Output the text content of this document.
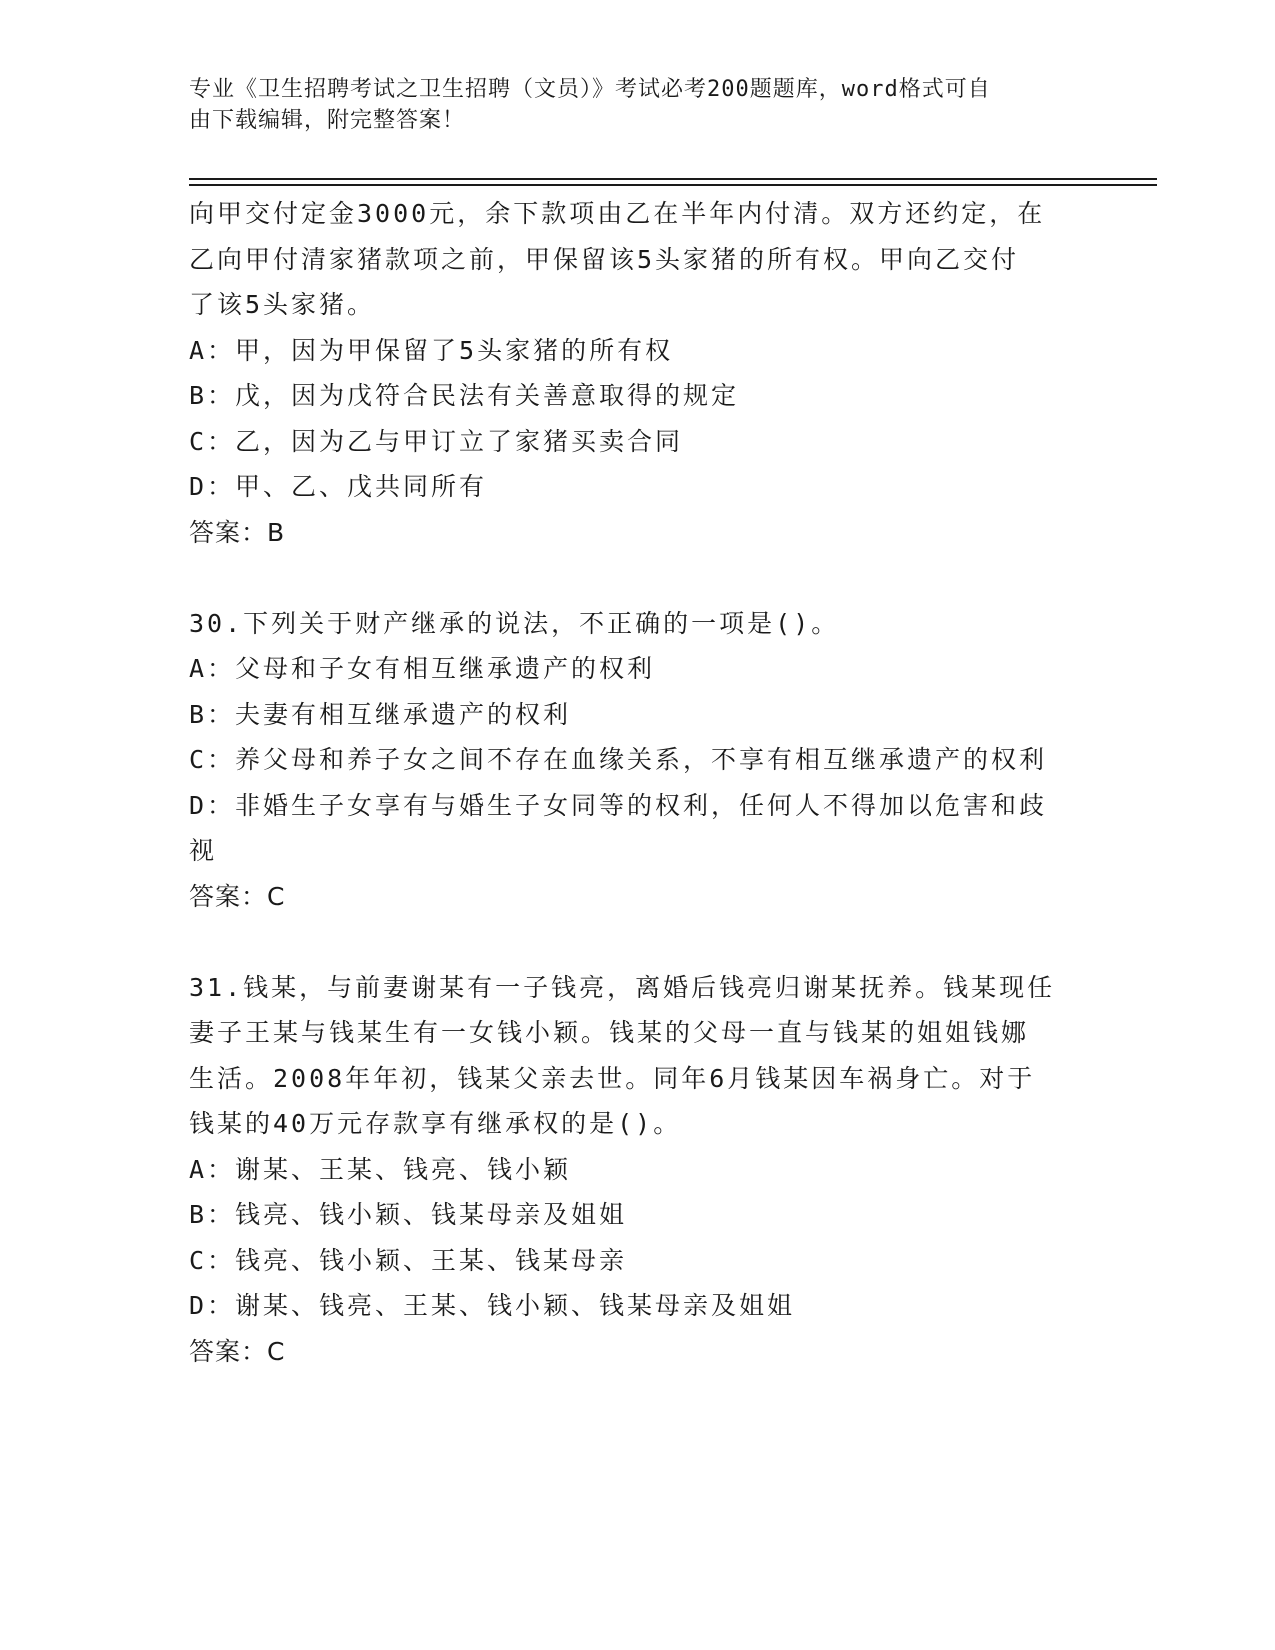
专业《卫生招聘考试之卫生招聘（文员）》考试必考200题题库，word格式可自
由下载编辑，附完整答案！
向甲交付定金3000元，余下款项由乙在半年内付清。双方还约定，在
乙向甲付清家猪款项之前，甲保留该5头家猪的所有权。甲向乙交付
了该5头家猪。
A：甲，因为甲保留了5头家猪的所有权
B：戊，因为戊符合民法有关善意取得的规定
C：乙，因为乙与甲订立了家猪买卖合同
D：甲、乙、戊共同所有
答案：B
30.下列关于财产继承的说法，不正确的一项是()。
A：父母和子女有相互继承遗产的权利
B：夫妻有相互继承遗产的权利
C：养父母和养子女之间不存在血缘关系，不享有相互继承遗产的权利
D：非婚生子女享有与婚生子女同等的权利，任何人不得加以危害和歧
视
答案：C
31.钱某，与前妻谢某有一子钱亮，离婚后钱亮归谢某抚养。钱某现任
妻子王某与钱某生有一女钱小颖。钱某的父母一直与钱某的姐姐钱娜
生活。2008年年初，钱某父亲去世。同年6月钱某因车祸身亡。对于
钱某的40万元存款享有继承权的是()。
A：谢某、王某、钱亮、钱小颖
B：钱亮、钱小颖、钱某母亲及姐姐
C：钱亮、钱小颖、王某、钱某母亲
D：谢某、钱亮、王某、钱小颖、钱某母亲及姐姐
答案：C
